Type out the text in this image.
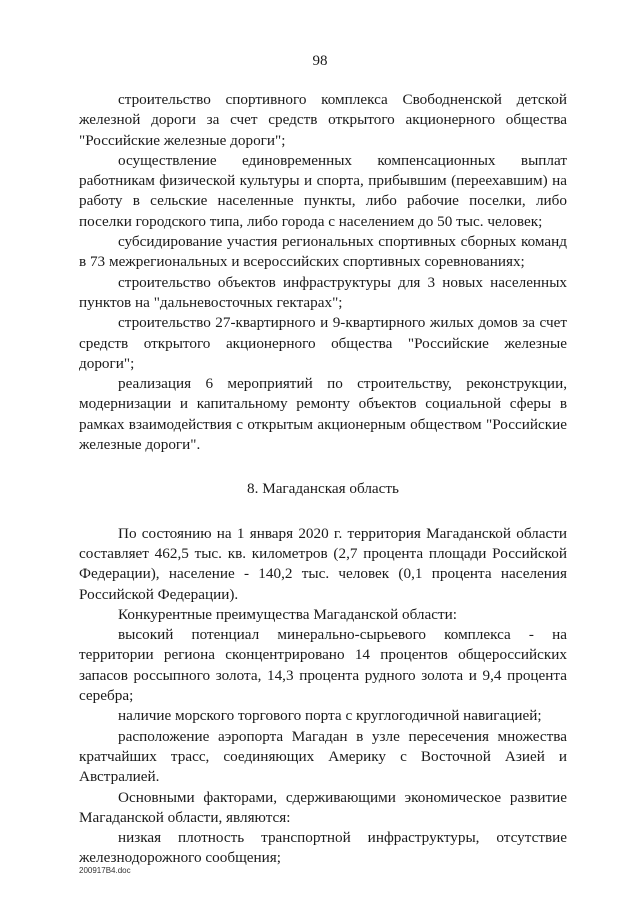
98

строительство спортивного комплекса Свободненской детской железной дороги за счет средств открытого акционерного общества "Российские железные дороги";

осуществление единовременных компенсационных выплат работникам физической культуры и спорта, прибывшим (переехавшим) на работу в сельские населенные пункты, либо рабочие поселки, либо поселки городского типа, либо города с населением до 50 тыс. человек;

субсидирование участия региональных спортивных сборных команд в 73 межрегиональных и всероссийских спортивных соревнованиях;

строительство объектов инфраструктуры для 3 новых населенных пунктов на "дальневосточных гектарах";

строительство 27-квартирного и 9-квартирного жилых домов за счет средств открытого акционерного общества "Российские железные дороги";

реализация 6 мероприятий по строительству, реконструкции, модернизации и капитальному ремонту объектов социальной сферы в рамках взаимодействия с открытым акционерным обществом "Российские железные дороги".

8. Магаданская область

По состоянию на 1 января 2020 г. территория Магаданской области составляет 462,5 тыс. кв. километров (2,7 процента площади Российской Федерации), население - 140,2 тыс. человек (0,1 процента населения Российской Федерации).

Конкурентные преимущества Магаданской области:

высокий потенциал минерально-сырьевого комплекса - на территории региона сконцентрировано 14 процентов общероссийских запасов россыпного золота, 14,3 процента рудного золота и 9,4 процента серебра;

наличие морского торгового порта с круглогодичной навигацией;

расположение аэропорта Магадан в узле пересечения множества кратчайших трасс, соединяющих Америку с Восточной Азией и Австралией.

Основными факторами, сдерживающими экономическое развитие Магаданской области, являются:

низкая плотность транспортной инфраструктуры, отсутствие железнодорожного сообщения;

200917В4.doc
